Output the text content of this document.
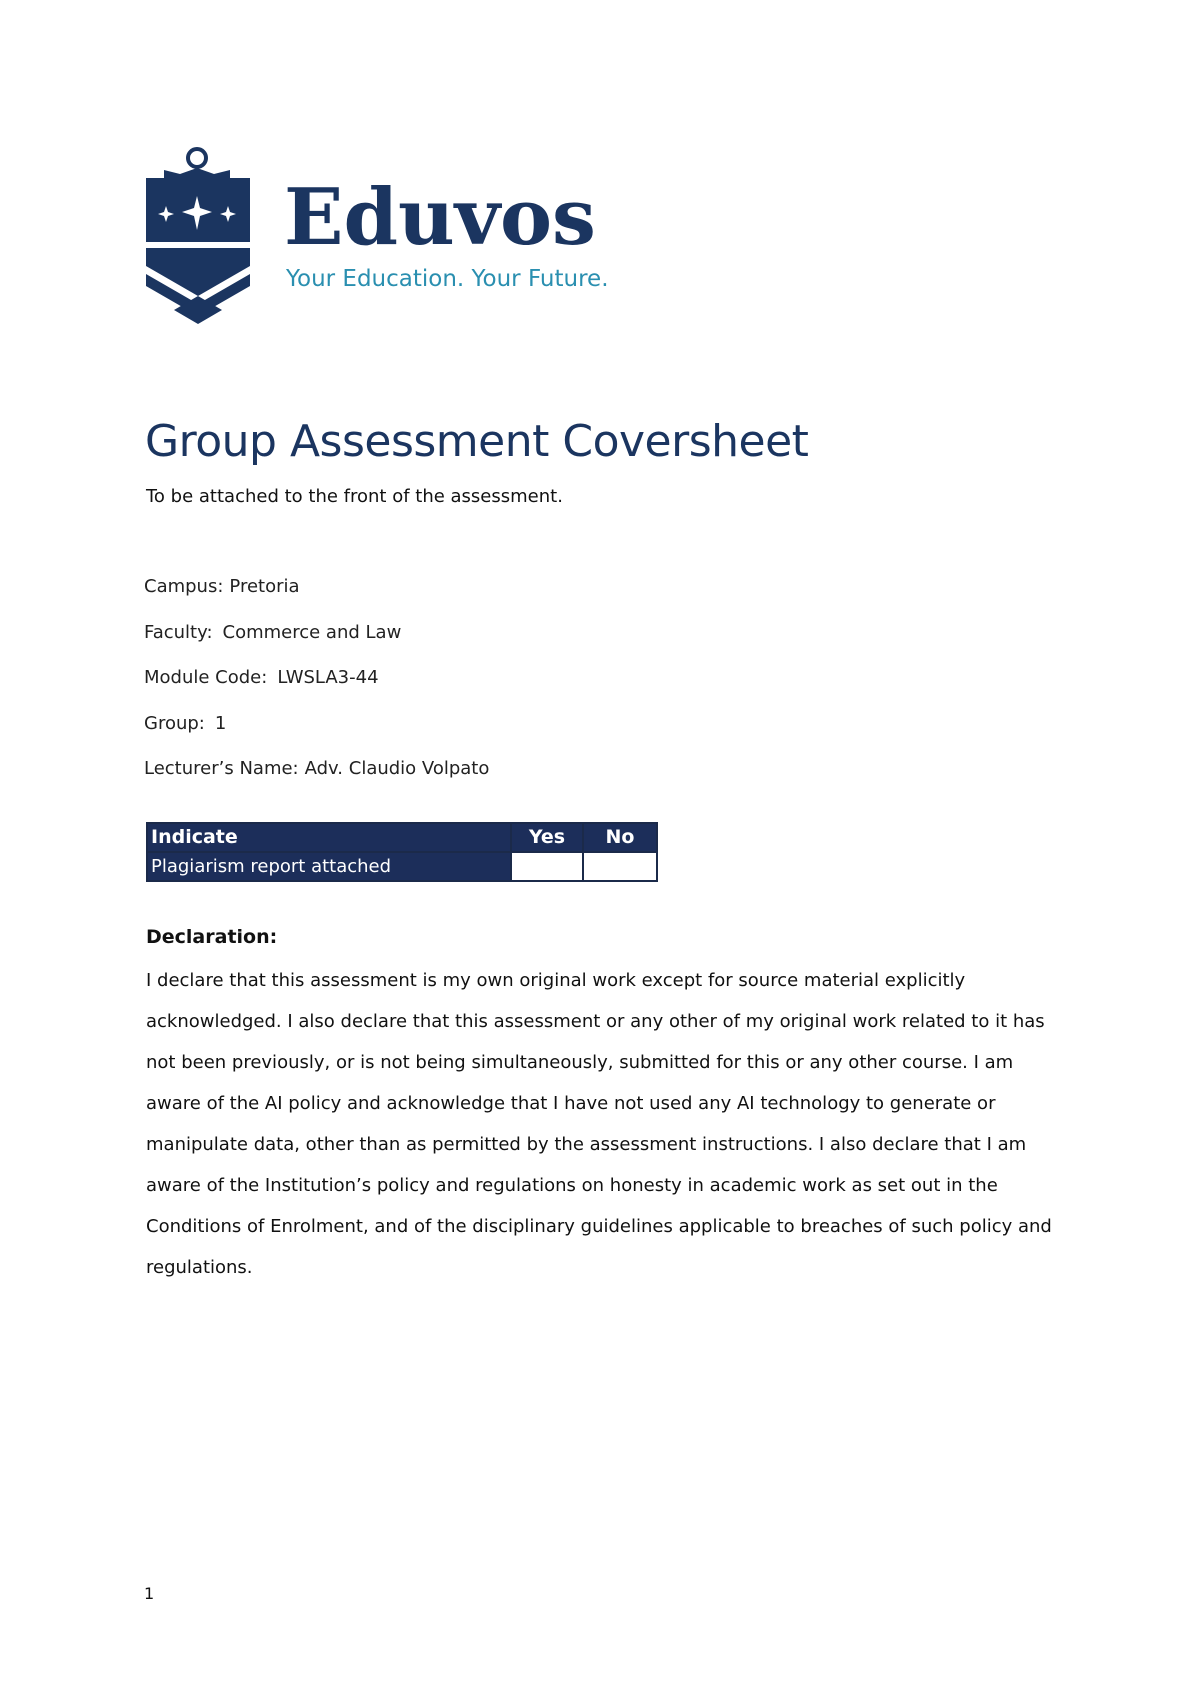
Eduvos
Your Education. Your Future.
Group Assessment Coversheet
To be attached to the front of the assessment.
Campus: Pretoria
Faculty: Commerce and Law
Module Code: LWSLA3-44
Group: 1
Lecturer’s Name: Adv. Claudio Volpato
Indicate	Yes	No
Plagiarism report attached		
Declaration:

I declare that this assessment is my own original work except for source material explicitly acknowledged. I also declare that this assessment or any other of my original work related to it has not been previously, or is not being simultaneously, submitted for this or any other course. I am aware of the AI policy and acknowledge that I have not used any AI technology to generate or manipulate data, other than as permitted by the assessment instructions. I also declare that I am aware of the Institution’s policy and regulations on honesty in academic work as set out in the Conditions of Enrolment, and of the disciplinary guidelines applicable to breaches of such policy and regulations.

1
